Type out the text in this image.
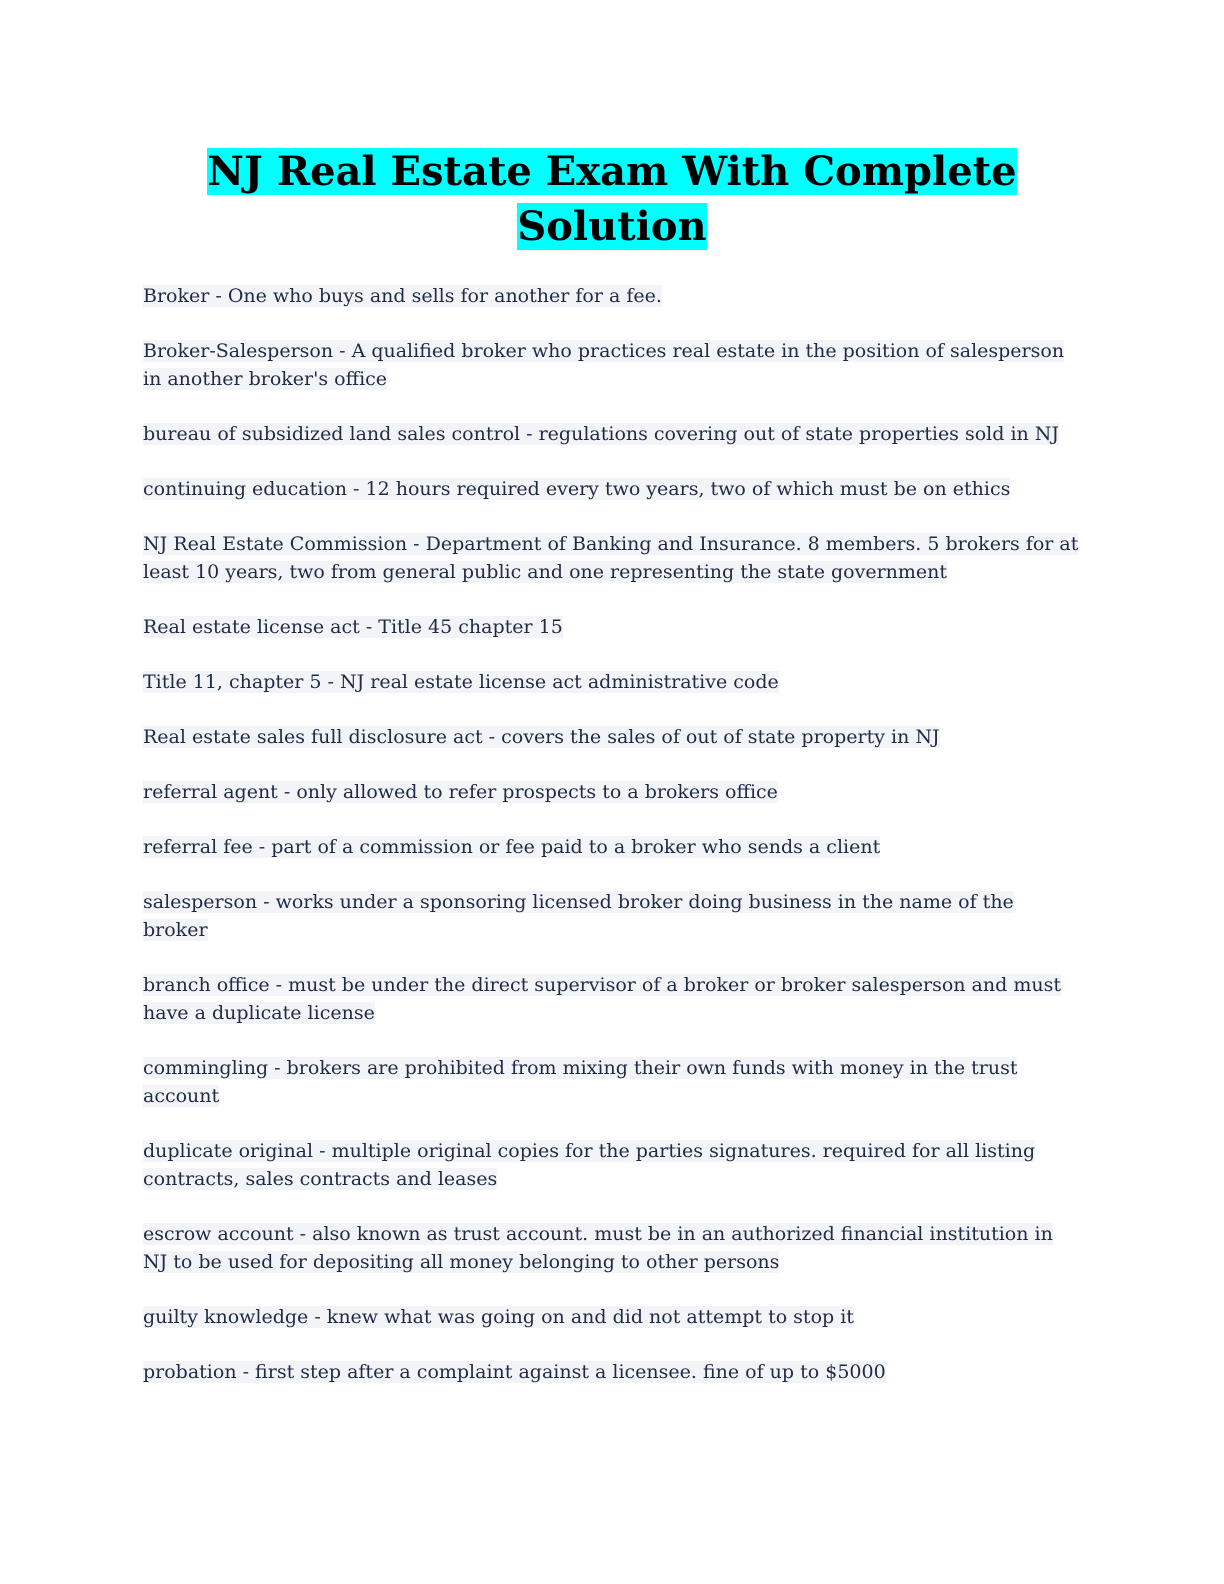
NJ Real Estate Exam With Complete
Solution

Broker - One who buys and sells for another for a fee.

Broker-Salesperson - A qualified broker who practices real estate in the position of salesperson in another broker's office

bureau of subsidized land sales control - regulations covering out of state properties sold in NJ

continuing education - 12 hours required every two years, two of which must be on ethics

NJ Real Estate Commission - Department of Banking and Insurance. 8 members. 5 brokers for at least 10 years, two from general public and one representing the state government

Real estate license act - Title 45 chapter 15

Title 11, chapter 5 - NJ real estate license act administrative code

Real estate sales full disclosure act - covers the sales of out of state property in NJ

referral agent - only allowed to refer prospects to a brokers office

referral fee - part of a commission or fee paid to a broker who sends a client

salesperson - works under a sponsoring licensed broker doing business in the name of the broker

branch office - must be under the direct supervisor of a broker or broker salesperson and must have a duplicate license

commingling - brokers are prohibited from mixing their own funds with money in the trust account

duplicate original - multiple original copies for the parties signatures. required for all listing contracts, sales contracts and leases

escrow account - also known as trust account. must be in an authorized financial institution in NJ to be used for depositing all money belonging to other persons

guilty knowledge - knew what was going on and did not attempt to stop it

probation - first step after a complaint against a licensee. fine of up to $5000
